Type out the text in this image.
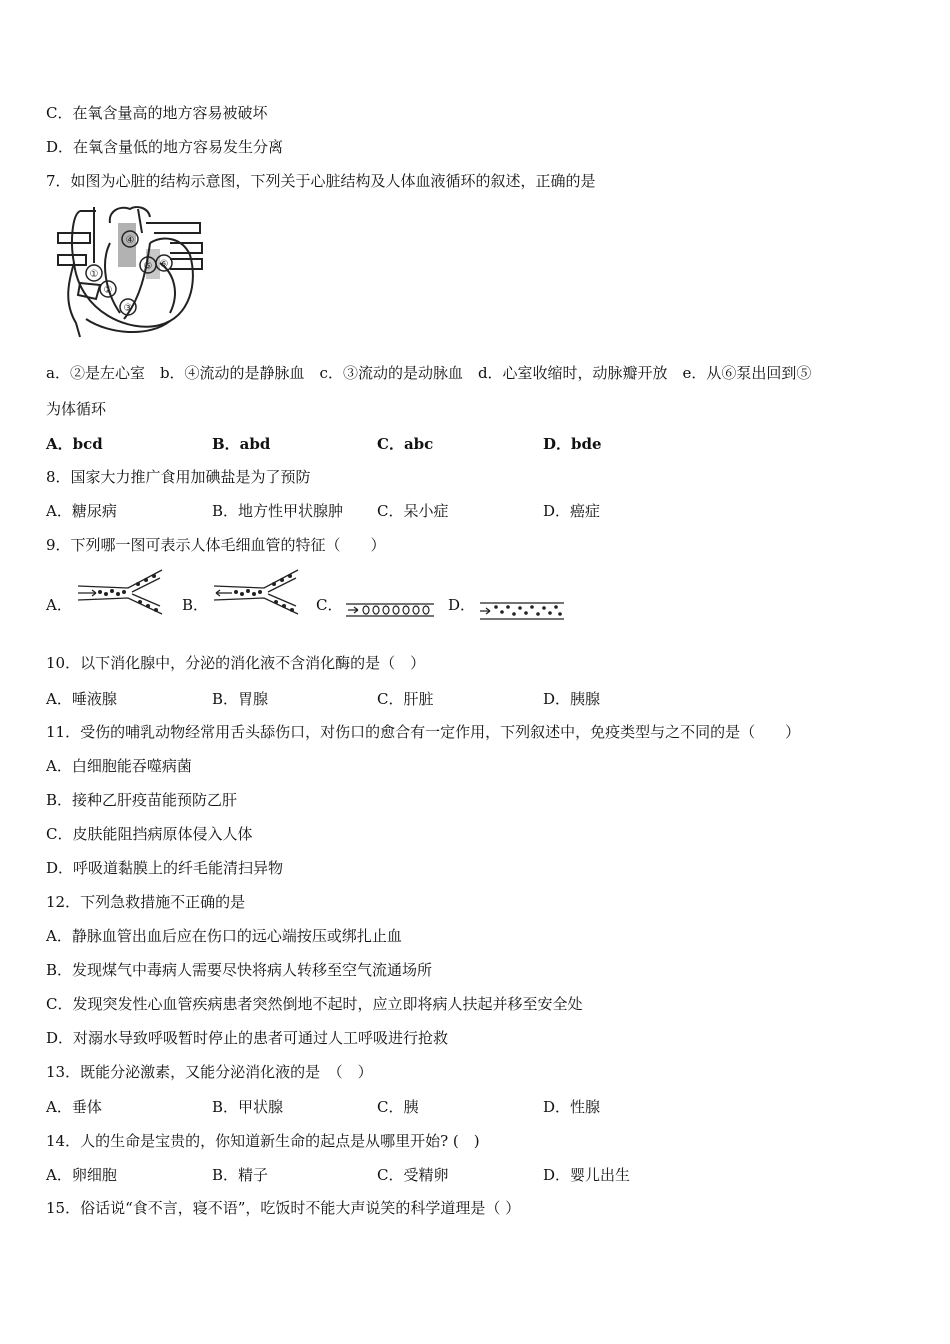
C．在氧含量高的地方容易被破坏
D．在氧含量低的地方容易发生分离
7．如图为心脏的结构示意图，下列关于心脏结构及人体血液循环的叙述，正确的是
①
②
③
④
⑤ ⑥
a．②是左心室　b．④流动的是静脉血　c．③流动的是动脉血　d．心室收缩时，动脉瓣开放　e．从⑥泵出回到⑤
为体循环
A．bcd	B．abd	C．abc	D．bde
8．国家大力推广食用加碘盐是为了预防
A．糖尿病	B．地方性甲状腺肿 C．呆小症	D．癌症
9．下列哪一图可表示人体毛细血管的特征（　　）
A．	B．	C．	D．
10．以下消化腺中，分泌的消化液不含消化酶的是（　）
A．唾液腺	B．胃腺	C．肝脏	D．胰腺
11．受伤的哺乳动物经常用舌头舔伤口，对伤口的愈合有一定作用，下列叙述中，免疫类型与之不同的是（　　）
A．白细胞能吞噬病菌
B．接种乙肝疫苗能预防乙肝
C．皮肤能阻挡病原体侵入人体
D．呼吸道黏膜上的纤毛能清扫异物
12．下列急救措施不正确的是
A．静脉血管出血后应在伤口的远心端按压或绑扎止血
B．发现煤气中毒病人需要尽快将病人转移至空气流通场所
C．发现突发性心血管疾病患者突然倒地不起时，应立即将病人扶起并移至安全处
D．对溺水导致呼吸暂时停止的患者可通过人工呼吸进行抢救
13．既能分泌激素，又能分泌消化液的是　（　）
A．垂体	B．甲状腺	C．胰	D．性腺
14．人的生命是宝贵的，你知道新生命的起点是从哪里开始? (　)
A．卵细胞	B．精子	C．受精卵	D．婴儿出生
15．俗话说“食不言，寝不语”，吃饭时不能大声说笑的科学道理是（ ）
